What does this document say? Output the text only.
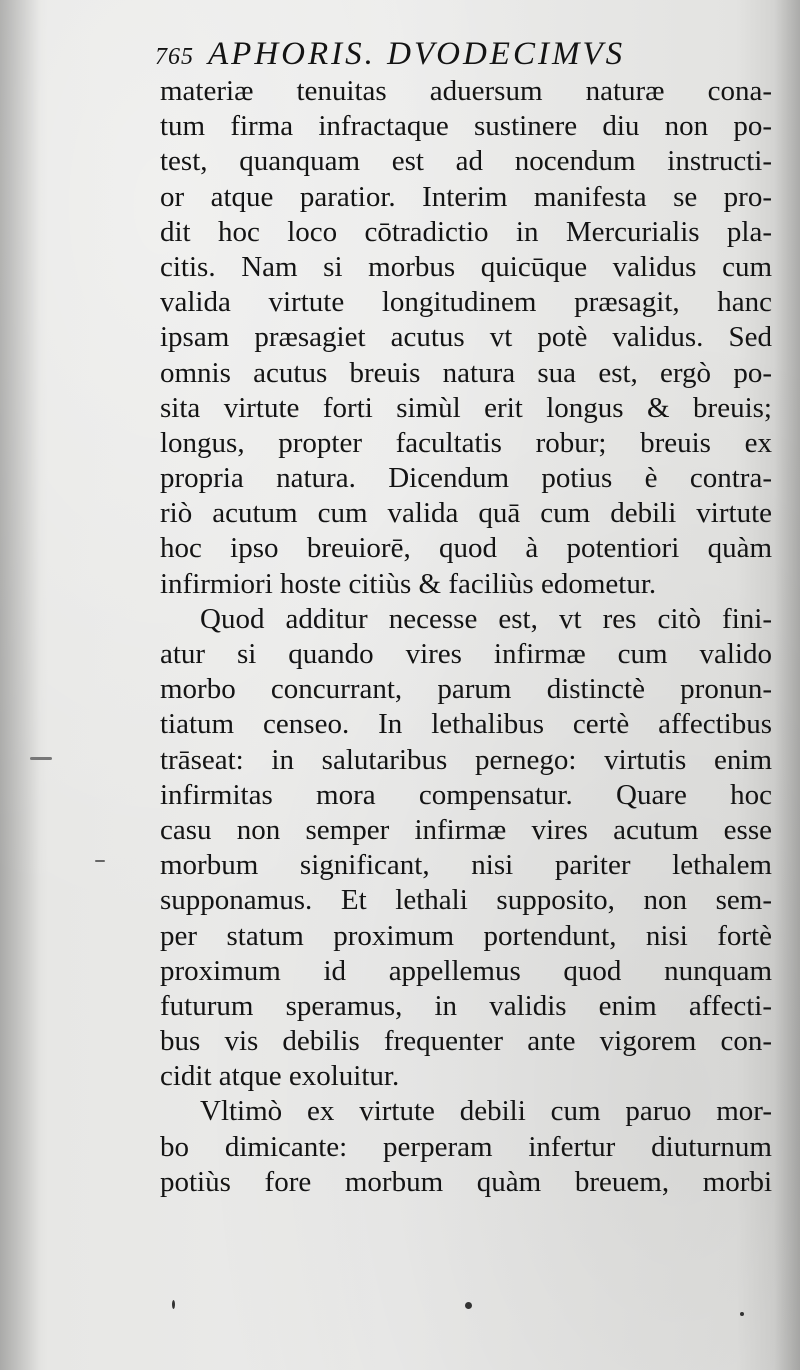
765 APHORIS. DVODECIMVS
materiæ tenuitas aduersum naturæ cona-
tum firma infractaque sustinere diu non po-
test, quanquam est ad nocendum instructi-
or atque paratior. Interim manifesta se pro-
dit hoc loco cōtradictio in Mercurialis pla-
citis. Nam si morbus quicūque validus cum
valida virtute longitudinem præsagit, hanc
ipsam præsagiet acutus vt potè validus. Sed
omnis acutus breuis natura sua est, ergò po-
sita virtute forti simùl erit longus & breuis;
longus, propter facultatis robur; breuis ex
propria natura. Dicendum potius è contra-
riò acutum cum valida quā cum debili virtute
hoc ipso breuiorē, quod à potentiori quàm
infirmiori hoste citiùs & faciliùs edometur.
Quod additur necesse est, vt res citò fini-
atur si quando vires infirmæ cum valido
morbo concurrant, parum distinctè pronun-
tiatum censeo. In lethalibus certè affectibus
trāseat: in salutaribus pernego: virtutis enim
infirmitas mora compensatur. Quare hoc
casu non semper infirmæ vires acutum esse
morbum significant, nisi pariter lethalem
supponamus. Et lethali supposito, non sem-
per statum proximum portendunt, nisi fortè
proximum id appellemus quod nunquam
futurum speramus, in validis enim affecti-
bus vis debilis frequenter ante vigorem con-
cidit atque exoluitur.
Vltimò ex virtute debili cum paruo mor-
bo dimicante: perperam infertur diuturnum
potiùs fore morbum quàm breuem, morbi
